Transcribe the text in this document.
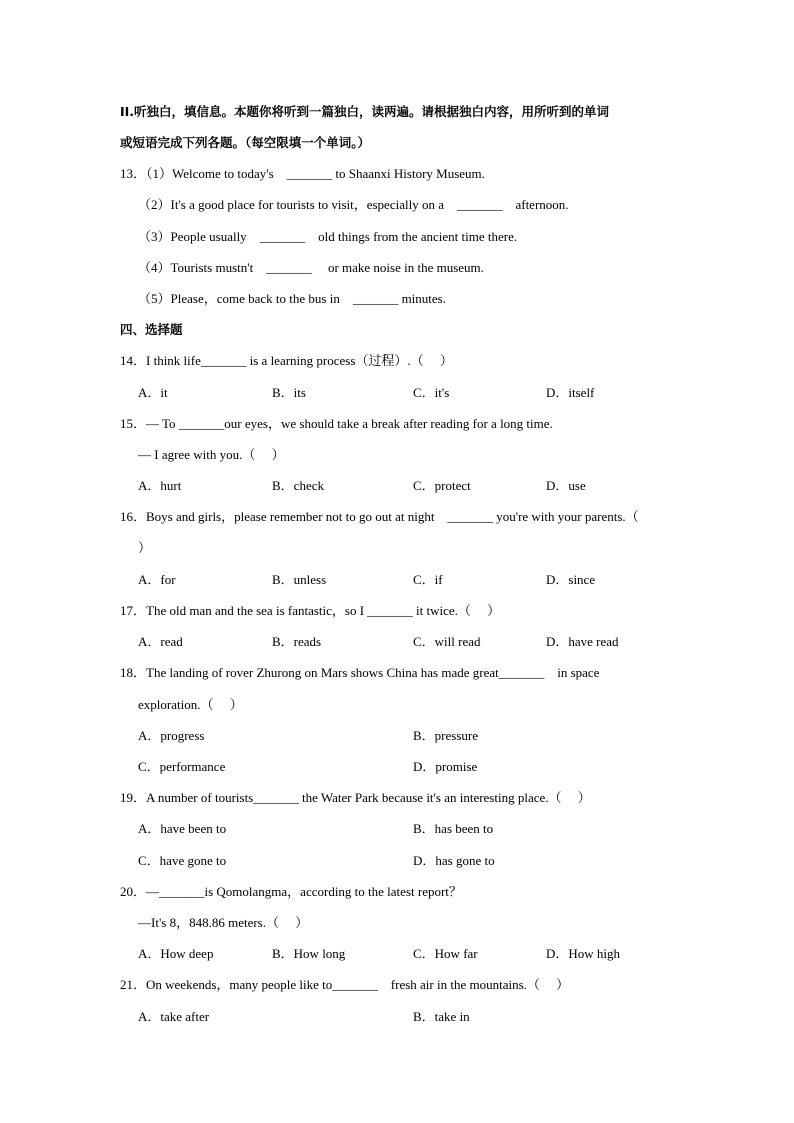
II.听独白，填信息。本题你将听到一篇独白，读两遍。请根据独白内容，用所听到的单词
或短语完成下列各题。（每空限填一个单词。）
13．（1）Welcome to today's    _______ to Shaanxi History Museum.
（2）It's a good place for tourists to visit，especially on a    _______    afternoon.
（3）People usually    _______    old things from the ancient time there.
（4）Tourists mustn't    _______     or make noise in the museum.
（5）Please，come back to the bus in    _______ minutes.
四、选择题
14．I think life_______ is a learning process（过程）.（     ）
A．it	B．its	C．it's	D．itself
15．— To _______our eyes，we should take a break after reading for a long time.
— I agree with you.（     ）
A．hurt	B．check	C．protect	D．use
16．Boys and girls，please remember not to go out at night    _______ you're with your parents.（
）
A．for	B．unless	C．if	D．since
17．The old man and the sea is fantastic，so I _______ it twice.（     ）
A．read	B．reads	C．will read	D．have read
18．The landing of rover Zhurong on Mars shows China has made great_______    in space
exploration.（     ）
A．progress	B．pressure
C．performance	D．promise
19．A number of tourists_______ the Water Park because it's an interesting place.（     ）
A．have been to	B．has been to
C．have gone to	D．has gone to
20．—_______is Qomolangma，according to the latest report？
—It's 8，848.86 meters.（     ）
A．How deep	B．How long	C．How far	D．How high
21．On weekends，many people like to_______    fresh air in the mountains.（     ）
A．take after	B．take in
